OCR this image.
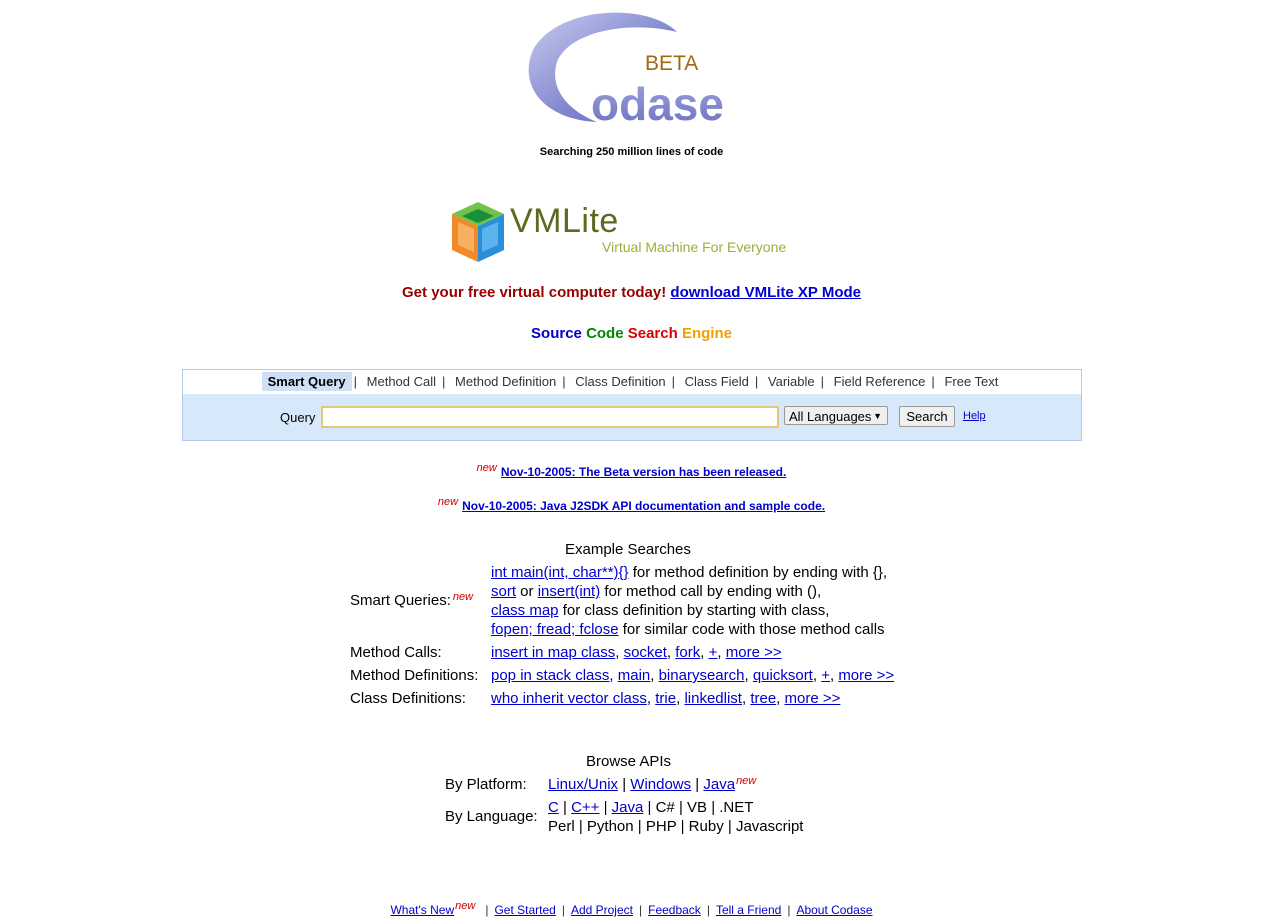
BETA
odase
Searching 250 million lines of code
VMLite
Virtual Machine For Everyone
Get your free virtual computer today! download VMLite XP Mode
Source Code Search Engine
Smart Query | Method Call | Method Definition | Class Definition | Class Field | Variable | Field Reference | Free Text
Query	All Languages ▼	Search	Help
new Nov-10-2005: The Beta version has been released.
new Nov-10-2005: Java J2SDK API documentation and sample code.
Example Searches
Smart Queries: $^{new}$
int main(int, char**){} for method definition by ending with {},
sort or insert(int) for method call by ending with (),
class map for class definition by starting with class,
fopen; fread; fclose for similar code with those method calls
Method Calls:	insert in map class, socket, fork, +, more >>
Method Definitions: pop in stack class, main, binarysearch, quicksort, +, more >>
Class Definitions: who inherit vector class, trie, linkedlist, tree, more >>
Browse APIs
By Platform: Linux/Unix | Windows | Java$^{new}$
By Language:
C | C++ | Java | C# | VB | .NET
Perl | Python | PHP | Ruby | Javascript
What's Newnew | Get Started | Add Project | Feedback | Tell a Friend | About Codase
